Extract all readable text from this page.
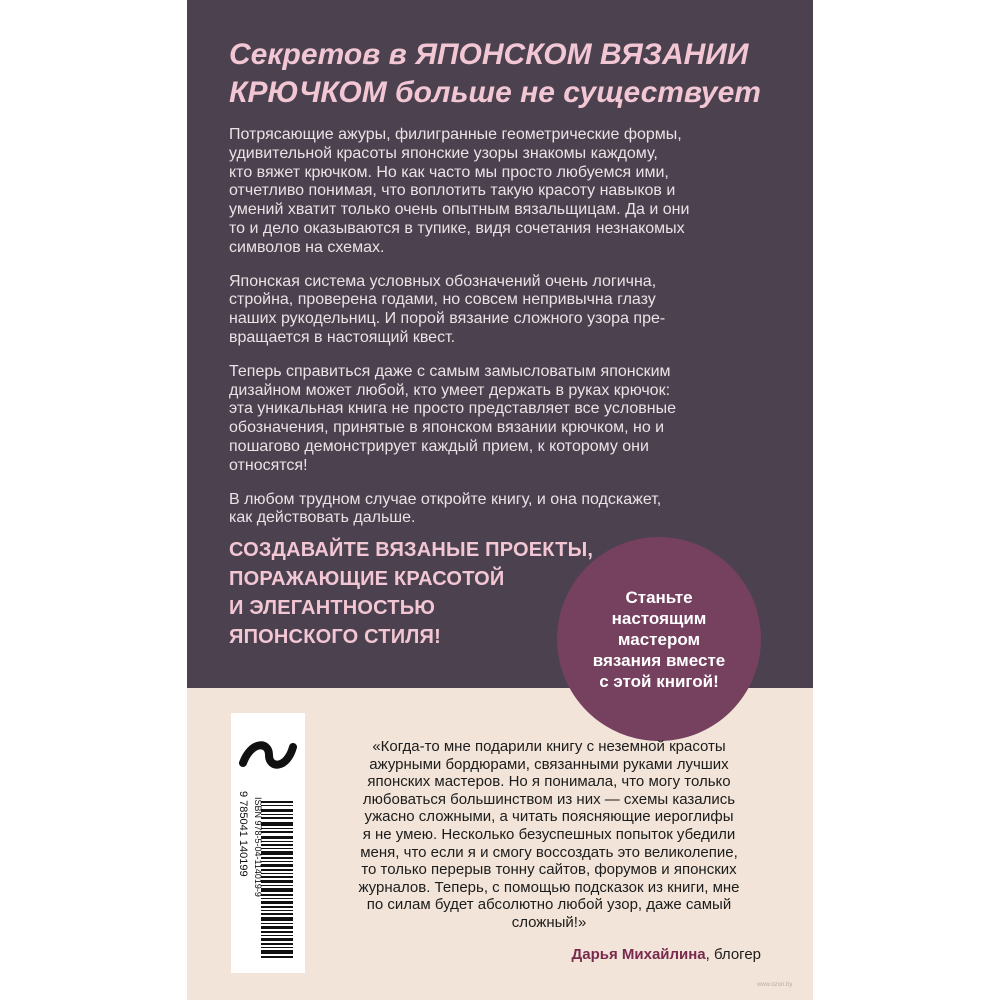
Секретов в ЯПОНСКОМ ВЯЗАНИИ
КРЮЧКОМ больше не существует

Потрясающие ажуры, филигранные геометрические формы,
удивительной красоты японские узоры знакомы каждому,
кто вяжет крючком. Но как часто мы просто любуемся ими,
отчетливо понимая, что воплотить такую красоту навыков и
умений хватит только очень опытным вязальщицам. Да и они
то и дело оказываются в тупике, видя сочетания незнакомых
символов на схемах.

Японская система условных обозначений очень логична,
стройна, проверена годами, но совсем непривычна глазу
наших рукодельниц. И порой вязание сложного узора пре-
вращается в настоящий квест.

Теперь справиться даже с самым замысловатым японским
дизайном может любой, кто умеет держать в руках крючок:
эта уникальная книга не просто представляет все условные
обозначения, принятые в японском вязании крючком, но и
пошагово демонстрирует каждый прием, к которому они
относятся!

В любом трудном случае откройте книгу, и она подскажет,
как действовать дальше.

СОЗДАВАЙТЕ ВЯЗАНЫЕ ПРОЕКТЫ,
ПОРАЖАЮЩИЕ КРАСОТОЙ
И ЭЛЕГАНТНОСТЬЮ
ЯПОНСКОГО СТИЛЯ!
Станьте
настоящим
мастером
вязания вместе
с этой книгой!
ISBN 978-5-04-114019-9
9 785041 140199
«Когда-то мне подарили книгу с неземной красоты
ажурными бордюрами, связанными руками лучших
японских мастеров. Но я понимала, что могу только
любоваться большинством из них — схемы казались
ужасно сложными, а читать поясняющие иероглифы
я не умею. Несколько безуспешных попыток убедили
меня, что если я и смогу воссоздать это великолепие,
то только перерыв тонну сайтов, форумов и японских
журналов. Теперь, с помощью подсказок из книги, мне
по силам будет абсолютно любой узор, даже самый
сложный!»
Дарья Михайлина, блогер
www.ozon.by
